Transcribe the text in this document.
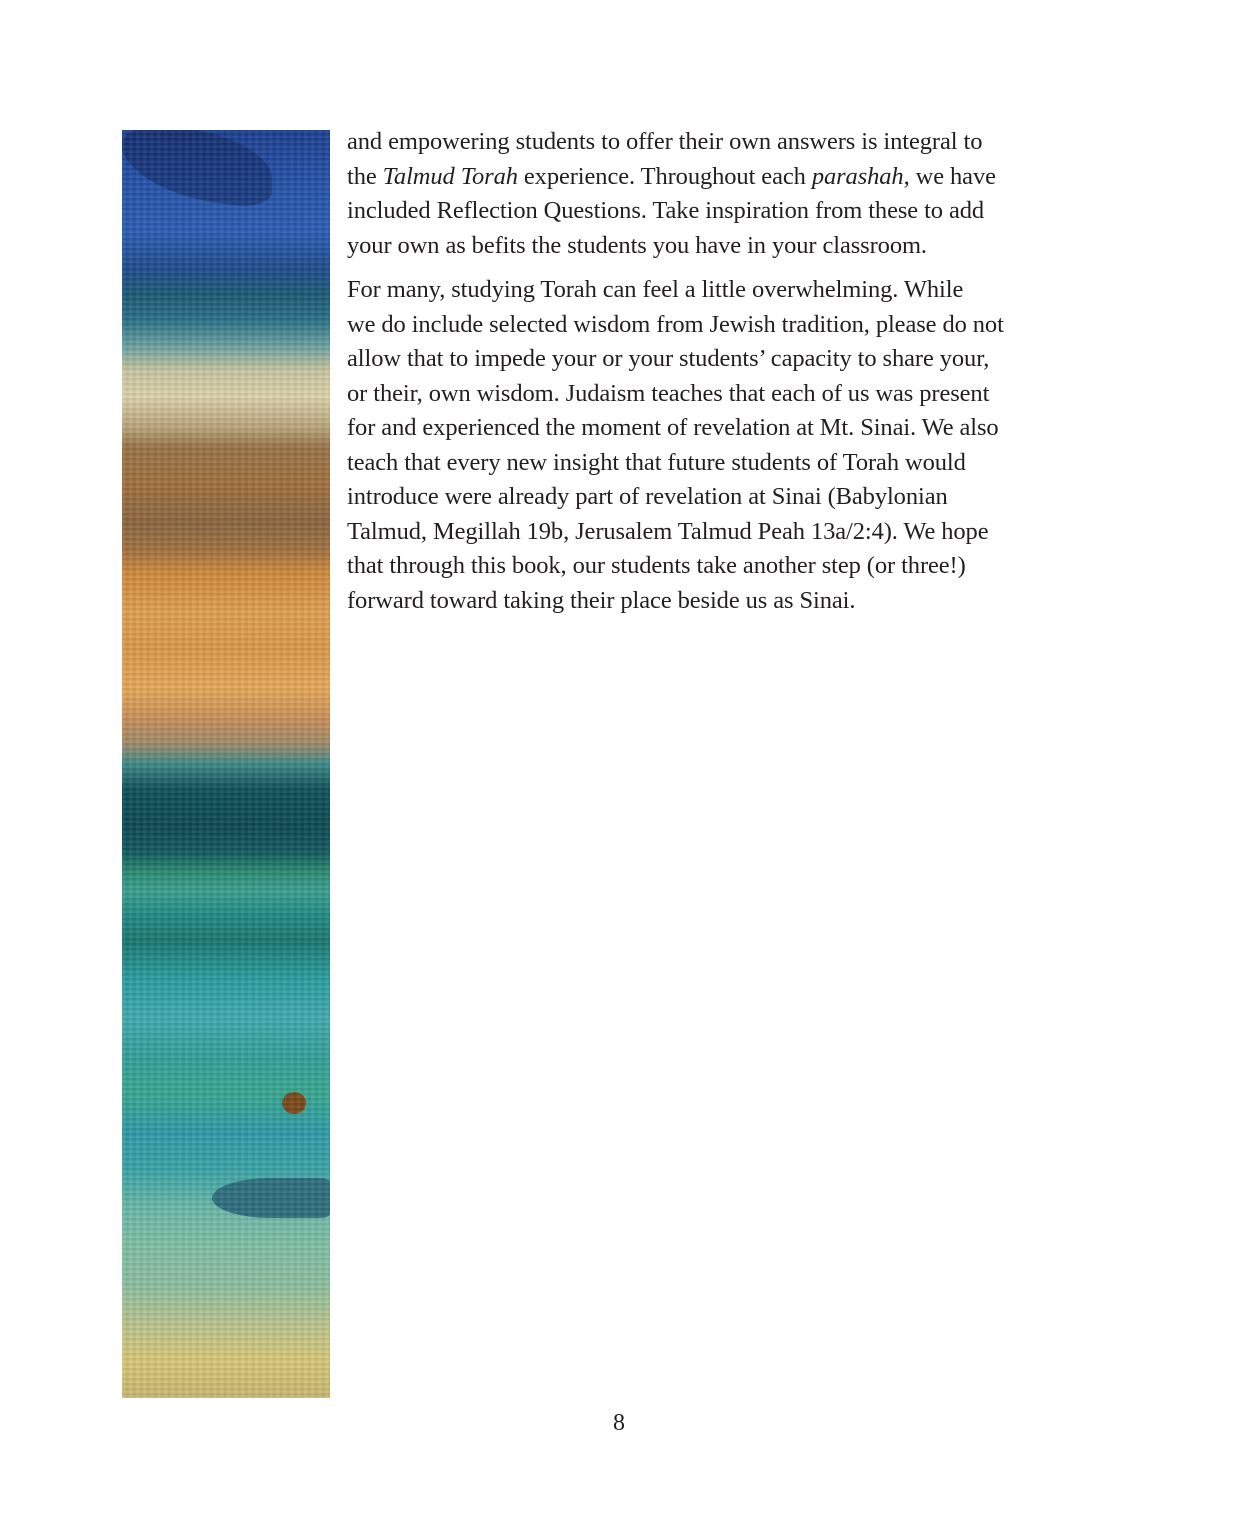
and empowering students to offer their own answers is integral to
the Talmud Torah experience. Throughout each parashah, we have
included Reflection Questions. Take inspiration from these to add
your own as befits the students you have in your classroom.

For many, studying Torah can feel a little overwhelming. While
we do include selected wisdom from Jewish tradition, please do not
allow that to impede your or your students’ capacity to share your,
or their, own wisdom. Judaism teaches that each of us was present
for and experienced the moment of revelation at Mt. Sinai. We also
teach that every new insight that future students of Torah would
introduce were already part of revelation at Sinai (Babylonian
Talmud, Megillah 19b, Jerusalem Talmud Peah 13a/2:4). We hope
that through this book, our students take another step (or three!)
forward toward taking their place beside us as Sinai.

8
